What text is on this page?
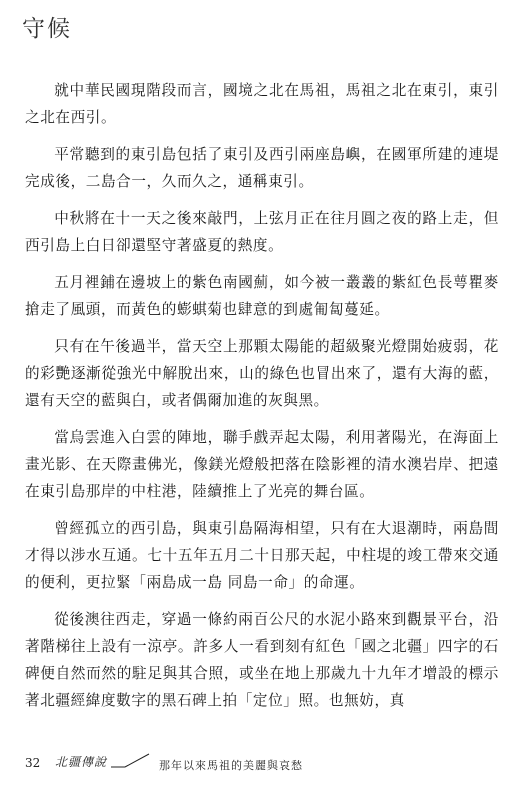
守候

就中華民國現階段而言，國境之北在馬祖，馬祖之北在東引，東引之北在西引。

平常聽到的東引島包括了東引及西引兩座島嶼，在國軍所建的連堤完成後，二島合一，久而久之，通稱東引。

中秋將在十一天之後來敲門，上弦月正在往月圓之夜的路上走，但西引島上白日卻還堅守著盛夏的熱度。

五月裡鋪在邊坡上的紫色南國薊，如今被一叢叢的紫紅色長萼瞿麥搶走了風頭，而黃色的蟛蜞菊也肆意的到處匍匐蔓延。

只有在午後過半，當天空上那顆太陽能的超級聚光燈開始疲弱，花的彩艷逐漸從強光中解脫出來，山的綠色也冒出來了，還有大海的藍，還有天空的藍與白，或者偶爾加進的灰與黑。

當烏雲進入白雲的陣地，聯手戲弄起太陽，利用著陽光，在海面上畫光影、在天際畫佛光，像鎂光燈般把落在陰影裡的清水澳岩岸、把遠在東引島那岸的中柱港，陸續推上了光亮的舞台區。

曾經孤立的西引島，與東引島隔海相望，只有在大退潮時，兩島間才得以涉水互通。七十五年五月二十日那天起，中柱堤的竣工帶來交通的便利，更拉緊「兩島成一島 同島一命」的命運。

從後澳往西走，穿過一條約兩百公尺的水泥小路來到觀景平台，沿著階梯往上設有一涼亭。許多人一看到刻有紅色「國之北疆」四字的石碑便自然而然的駐足與其合照，或坐在地上那歲九十九年才增設的標示著北疆經緯度數字的黑石碑上拍「定位」照。也無妨，真

32 北疆傳說	那年以來馬祖的美麗與哀愁
